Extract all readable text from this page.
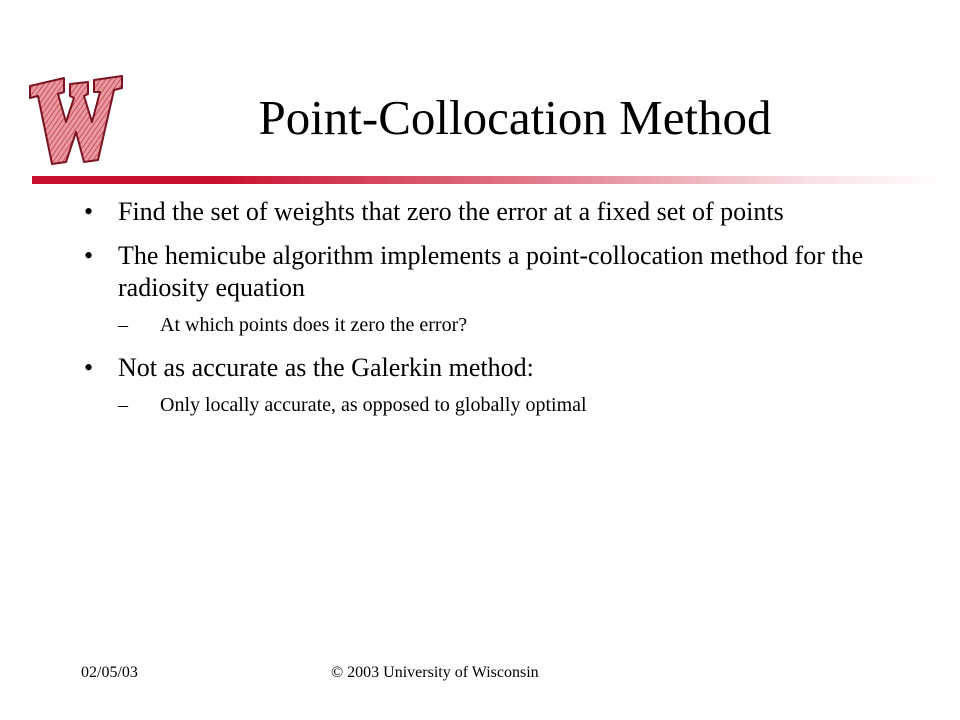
Point-Collocation Method
• Find the set of weights that zero the error at a fixed set of points
• The hemicube algorithm implements a point-collocation method for the radiosity equation
– At which points does it zero the error?
• Not as accurate as the Galerkin method:
– Only locally accurate, as opposed to globally optimal
02/05/03	© 2003 University of Wisconsin
